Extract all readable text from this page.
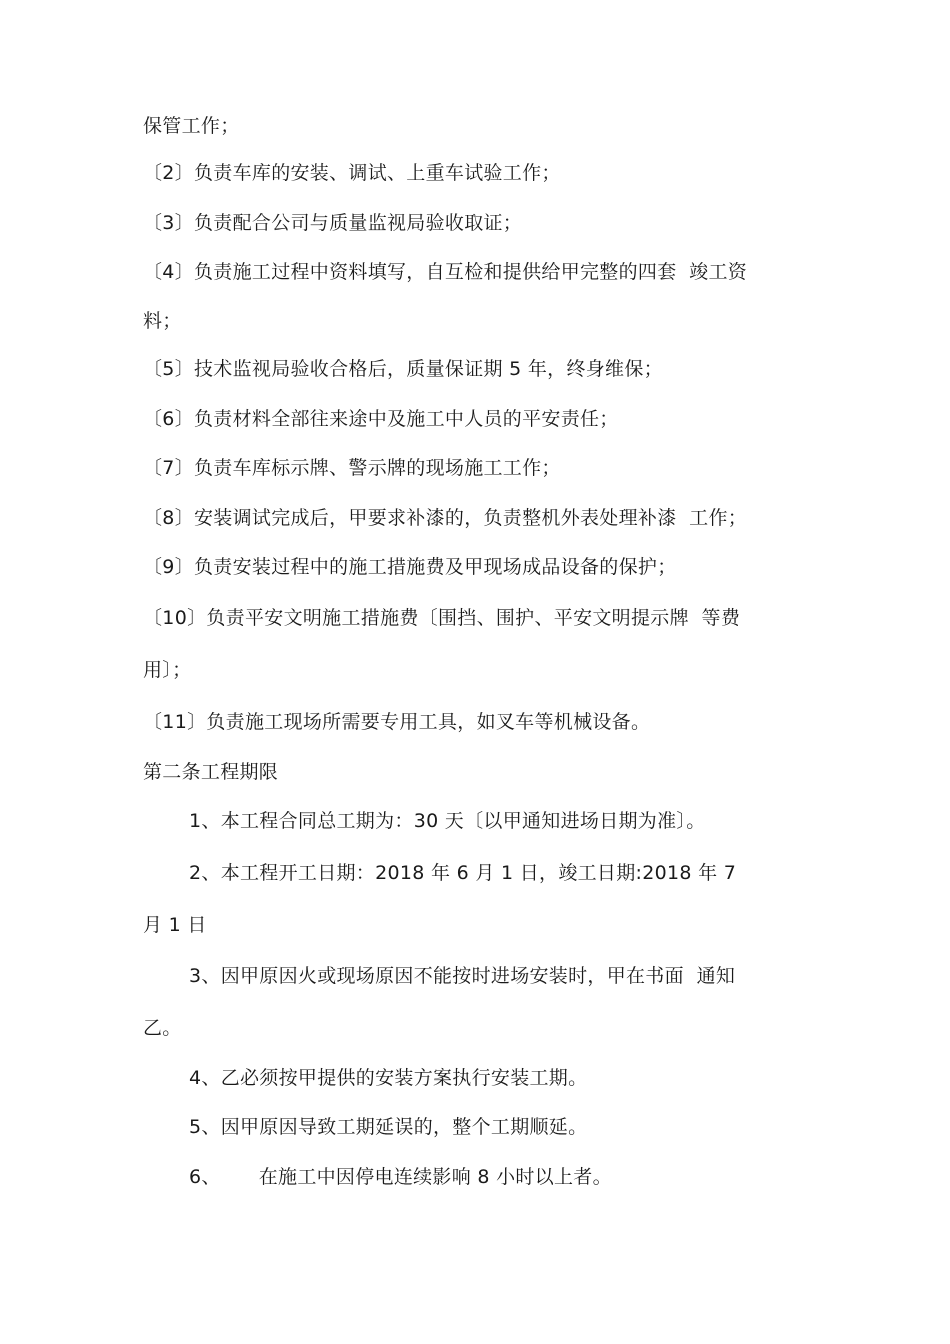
保管工作；
〔2〕负责车库的安装、调试、上重车试验工作；
〔3〕负责配合公司与质量监视局验收取证；
〔4〕负责施工过程中资料填写，自互检和提供给甲完整的四套  竣工资
料；
〔5〕技术监视局验收合格后，质量保证期 5 年，终身维保；
〔6〕负责材料全部往来途中及施工中人员的平安责任；
〔7〕负责车库标示牌、警示牌的现场施工工作；
〔8〕安装调试完成后，甲要求补漆的，负责整机外表处理补漆  工作；
〔9〕负责安装过程中的施工措施费及甲现场成品设备的保护；
〔10〕负责平安文明施工措施费〔围挡、围护、平安文明提示牌  等费
用〕；
〔11〕负责施工现场所需要专用工具，如叉车等机械设备。
第二条工程期限
1、本工程合同总工期为：30 天〔以甲通知进场日期为准〕。
2、本工程开工日期：2018 年 6 月 1 日，竣工日期:2018 年 7
月 1 日
3、因甲原因火或现场原因不能按时进场安装时，甲在书面  通知
乙。
4、乙必须按甲提供的安装方案执行安装工期。
5、因甲原因导致工期延误的，整个工期顺延。
6、      在施工中因停电连续影响 8 小时以上者。
